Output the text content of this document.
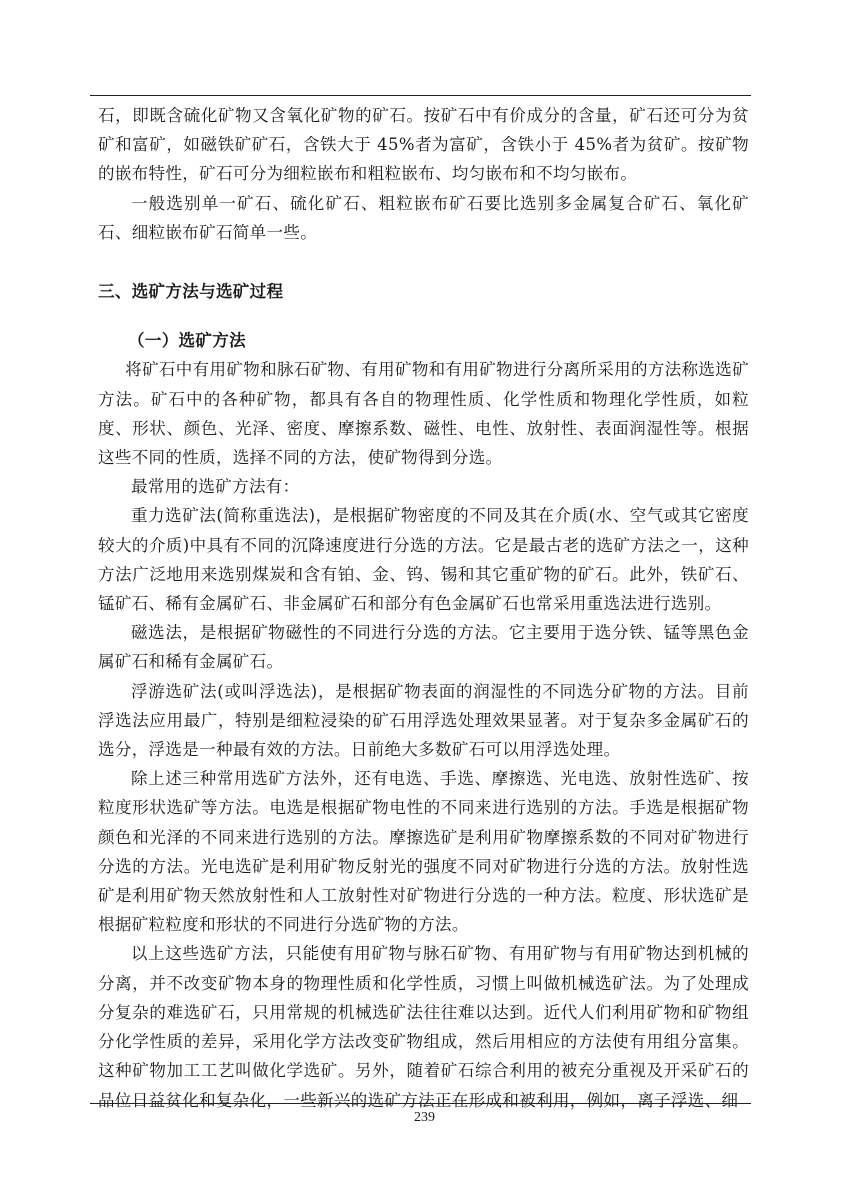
石，即既含硫化矿物又含氧化矿物的矿石。按矿石中有价成分的含量，矿石还可分为贫矿和富矿，如磁铁矿矿石，含铁大于 45%者为富矿，含铁小于 45%者为贫矿。按矿物的嵌布特性，矿石可分为细粒嵌布和粗粒嵌布、均匀嵌布和不均匀嵌布。

一般选别单一矿石、硫化矿石、粗粒嵌布矿石要比选别多金属复合矿石、氧化矿石、细粒嵌布矿石简单一些。

三、选矿方法与选矿过程
（一）选矿方法

将矿石中有用矿物和脉石矿物、有用矿物和有用矿物进行分离所采用的方法称选选矿方法。矿石中的各种矿物，都具有各自的物理性质、化学性质和物理化学性质，如粒度、形状、颜色、光泽、密度、摩擦系数、磁性、电性、放射性、表面润湿性等。根据这些不同的性质，选择不同的方法，使矿物得到分选。

最常用的选矿方法有：

重力选矿法(简称重选法)，是根据矿物密度的不同及其在介质(水、空气或其它密度较大的介质)中具有不同的沉降速度进行分选的方法。它是最古老的选矿方法之一，这种方法广泛地用来选别煤炭和含有铂、金、钨、锡和其它重矿物的矿石。此外，铁矿石、锰矿石、稀有金属矿石、非金属矿石和部分有色金属矿石也常采用重选法进行选别。

磁选法，是根据矿物磁性的不同进行分选的方法。它主要用于选分铁、锰等黑色金属矿石和稀有金属矿石。

浮游选矿法(或叫浮选法)，是根据矿物表面的润湿性的不同选分矿物的方法。目前浮选法应用最广，特别是细粒浸染的矿石用浮选处理效果显著。对于复杂多金属矿石的选分，浮选是一种最有效的方法。日前绝大多数矿石可以用浮选处理。

除上述三种常用选矿方法外，还有电选、手选、摩擦选、光电选、放射性选矿、按粒度形状选矿等方法。电选是根据矿物电性的不同来进行选别的方法。手选是根据矿物颜色和光泽的不同来进行选别的方法。摩擦选矿是利用矿物摩擦系数的不同对矿物进行分选的方法。光电选矿是利用矿物反射光的强度不同对矿物进行分选的方法。放射性选矿是利用矿物天然放射性和人工放射性对矿物进行分选的一种方法。粒度、形状选矿是根据矿粒粒度和形状的不同进行分选矿物的方法。

以上这些选矿方法，只能使有用矿物与脉石矿物、有用矿物与有用矿物达到机械的分离，并不改变矿物本身的物理性质和化学性质，习惯上叫做机械选矿法。为了处理成分复杂的难选矿石，只用常规的机械选矿法往往难以达到。近代人们利用矿物和矿物组分化学性质的差异，采用化学方法改变矿物组成，然后用相应的方法使有用组分富集。这种矿物加工工艺叫做化学选矿。另外，随着矿石综合利用的被充分重视及开采矿石的品位日益贫化和复杂化，一些新兴的选矿方法正在形成和被利用，例如，离子浮选、细

239
